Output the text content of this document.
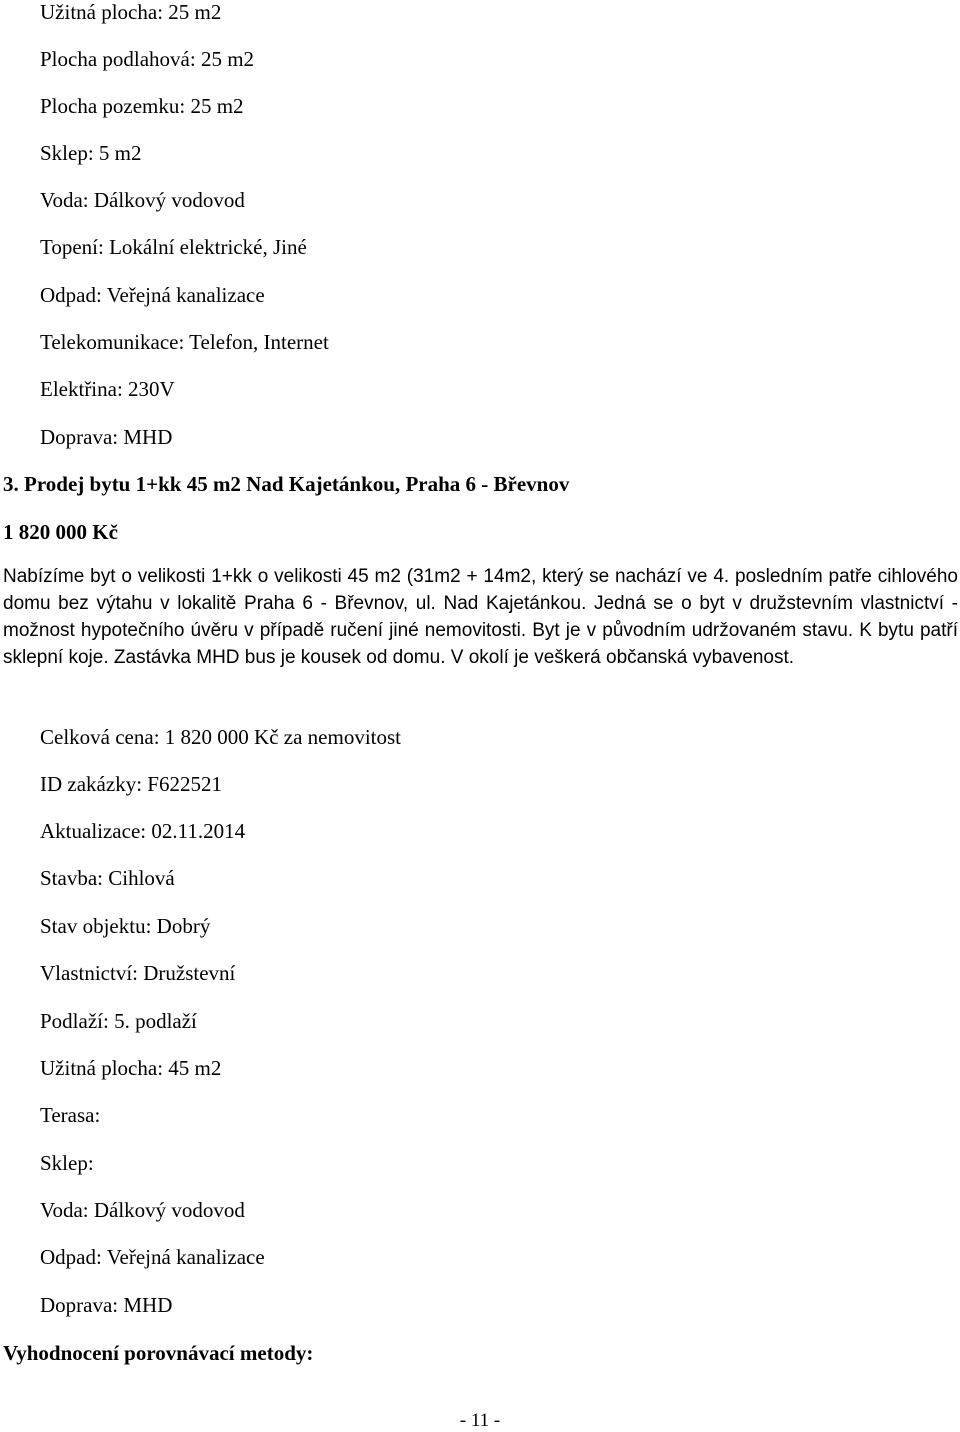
Užitná plocha: 25 m2
Plocha podlahová: 25 m2
Plocha pozemku: 25 m2
Sklep: 5 m2
Voda: Dálkový vodovod
Topení: Lokální elektrické, Jiné
Odpad: Veřejná kanalizace
Telekomunikace: Telefon, Internet
Elektřina: 230V
Doprava: MHD
3. Prodej bytu 1+kk 45 m2 Nad Kajetánkou, Praha 6 - Břevnov
1 820 000 Kč
Nabízíme byt o velikosti 1+kk o velikosti 45 m2 (31m2 + 14m2, který se nachází ve 4. posledním patře cihlového domu bez výtahu v lokalitě Praha 6 - Břevnov, ul. Nad Kajetánkou. Jedná se o byt v družstevním vlastnictví - možnost hypotečního úvěru v případě ručení jiné nemovitosti. Byt je v původním udržovaném stavu. K bytu patří sklepní koje. Zastávka MHD bus je kousek od domu. V okolí je veškerá občanská vybavenost.
Celková cena: 1 820 000 Kč za nemovitost
ID zakázky: F622521
Aktualizace: 02.11.2014
Stavba: Cihlová
Stav objektu: Dobrý
Vlastnictví: Družstevní
Podlaží: 5. podlaží
Užitná plocha: 45 m2
Terasa:
Sklep:
Voda: Dálkový vodovod
Odpad: Veřejná kanalizace
Doprava: MHD
Vyhodnocení porovnávací metody:
- 11 -
